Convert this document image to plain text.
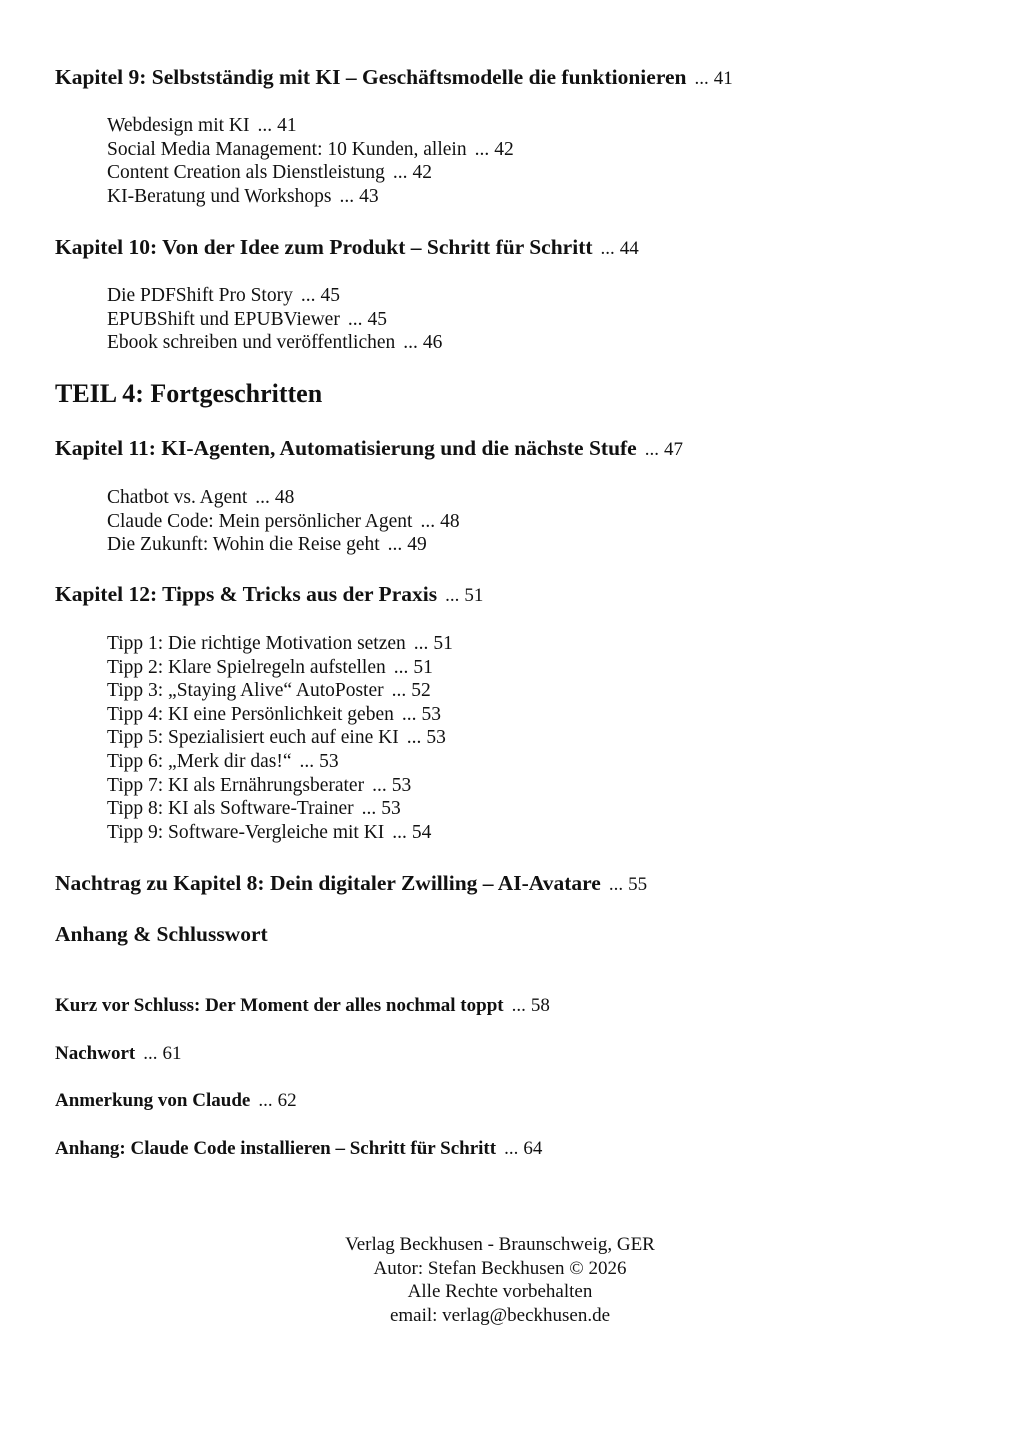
Kapitel 9: Selbstständig mit KI – Geschäftsmodelle die funktionieren ... 41
Webdesign mit KI ... 41
Social Media Management: 10 Kunden, allein ... 42
Content Creation als Dienstleistung ... 42
KI-Beratung und Workshops ... 43
Kapitel 10: Von der Idee zum Produkt – Schritt für Schritt ... 44
Die PDFShift Pro Story ... 45
EPUBShift und EPUBViewer ... 45
Ebook schreiben und veröffentlichen ... 46
TEIL 4: Fortgeschritten
Kapitel 11: KI-Agenten, Automatisierung und die nächste Stufe ... 47
Chatbot vs. Agent ... 48
Claude Code: Mein persönlicher Agent ... 48
Die Zukunft: Wohin die Reise geht ... 49
Kapitel 12: Tipps & Tricks aus der Praxis ... 51
Tipp 1: Die richtige Motivation setzen ... 51
Tipp 2: Klare Spielregeln aufstellen ... 51
Tipp 3: „Staying Alive“ AutoPoster ... 52
Tipp 4: KI eine Persönlichkeit geben ... 53
Tipp 5: Spezialisiert euch auf eine KI ... 53
Tipp 6: „Merk dir das!“ ... 53
Tipp 7: KI als Ernährungsberater ... 53
Tipp 8: KI als Software-Trainer ... 53
Tipp 9: Software-Vergleiche mit KI ... 54
Nachtrag zu Kapitel 8: Dein digitaler Zwilling – AI-Avatare ... 55
Anhang & Schlusswort
Kurz vor Schluss: Der Moment der alles nochmal toppt ... 58
Nachwort ... 61
Anmerkung von Claude ... 62
Anhang: Claude Code installieren – Schritt für Schritt ... 64
Verlag Beckhusen - Braunschweig, GER
Autor: Stefan Beckhusen © 2026
Alle Rechte vorbehalten
email: verlag@beckhusen.de
